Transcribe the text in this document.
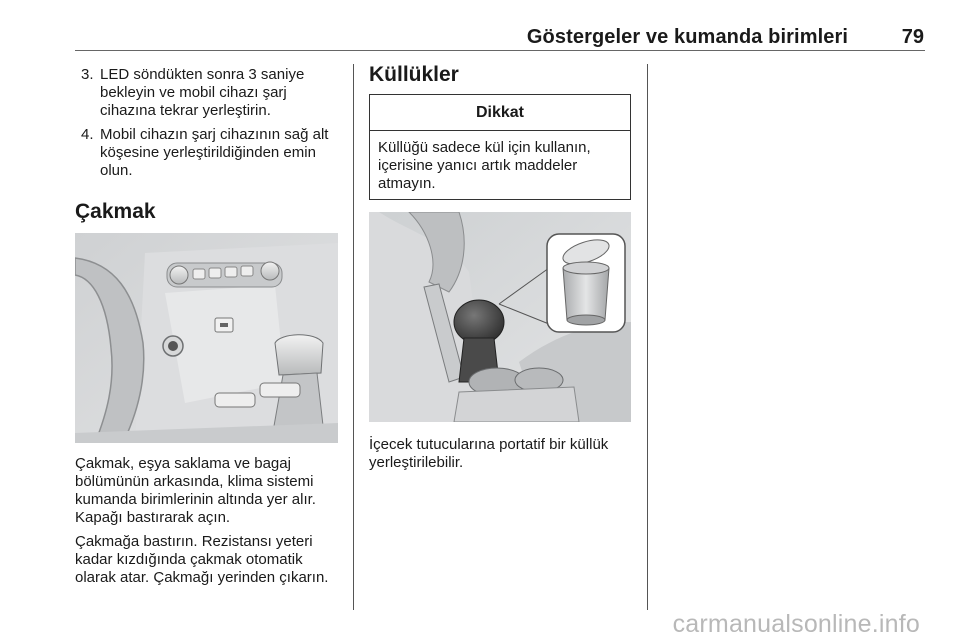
Göstergeler ve kumanda birimleri	79
3. LED söndükten sonra 3 saniye bekleyin ve mobil cihazı şarj cihazına tekrar yerleştirin.
4. Mobil cihazın şarj cihazının sağ alt köşesine yerleştirildiğinden emin olun.
Çakmak

Çakmak, eşya saklama ve bagaj bölümünün arkasında, klima sistemi kumanda birimlerinin altında yer alır. Kapağı bastırarak açın.

Çakmağa bastırın. Rezistansı yeteri kadar kızdığında çakmak otomatik olarak atar. Çakmağı yerinden çıkarın.

Küllükler
Dikkat
Küllüğü sadece kül için kullanın, içerisine yanıcı artık maddeler atmayın.

İçecek tutucularına portatif bir küllük yerleştirilebilir.

carmanualsonline.info
